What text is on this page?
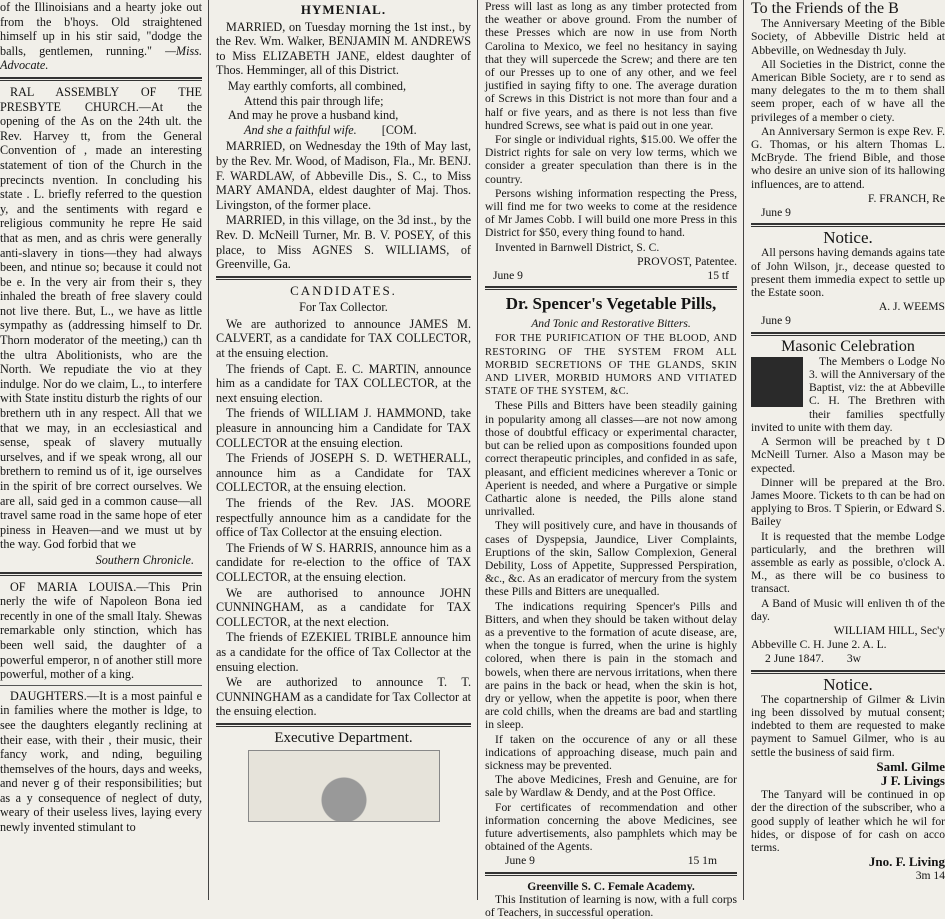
of the Illinoisians and a hearty joke out from the b'hoys. Old straightened himself up in his stir said, "dodge the balls, gentlemen, running." —Miss. Advocate.

RAL ASSEMBLY OF THE PRESBYTE CHURCH.—At the opening of the As on the 24th ult. the Rev. Harvey tt, from the General Convention of , made an interesting statement of tion of the Church in the precincts nvention. In concluding his state . L. briefly referred to the question y, and the sentiments with regard e religious community he repre He said that as men, and as chris were generally anti-slavery in tions—they had always been, and ntinue so; because it could not be e. In the very air from their s, they inhaled the breath of free slavery could not live there. But, L., we have as little sympathy as (addressing himself to Dr. Thorn moderator of the meeting,) can th the ultra Abolitionists, who are the North. We repudiate the vio at they indulge. Nor do we claim, L., to interfere with State institu disturb the rights of our brethern uth in any respect. All that we that we may, in an ecclesiastical and sense, speak of slavery mutually urselves, and if we speak wrong, all our brethern to remind us of it, ige ourselves in the spirit of bre correct ourselves. We are all, said ged in a common cause—all travel same road in the same hope of eter piness in Heaven—and we must ut by the way. God forbid that we

Southern Chronicle.

OF MARIA LOUISA.—This Prin nerly the wife of Napoleon Bona ied recently in one of the small Italy. Shewas remarkable only stinction, which has been well said, the daughter of a powerful emperor, n of another still more powerful, mother of a king.

DAUGHTERS.—It is a most painful e in families where the mother is ldge, to see the daughters elegantly reclining at their ease, with their , their music, their fancy work, and nding, beguiling themselves of the hours, days and weeks, and never g of their responsibilities; but as a y consequence of neglect of duty, weary of their useless lives, laying every newly invented stimulant to

HYMENIAL.

MARRIED, on Tuesday morning the 1st inst., by the Rev. Wm. Walker, BENJAMIN M. ANDREWS to Miss ELIZABETH JANE, eldest daughter of Thos. Hemminger, all of this District.

May earthly comforts, all combined,

Attend this pair through life;

And may he prove a husband kind,

And she a faithful wife. [COM.

MARRIED, on Wednesday the 19th of May last, by the Rev. Mr. Wood, of Madison, Fla., Mr. BENJ. F. WARDLAW, of Abbeville Dis., S. C., to Miss MARY AMANDA, eldest daughter of Maj. Thos. Livingston, of the former place.

MARRIED, in this village, on the 3d inst., by the Rev. D. McNeill Turner, Mr. B. V. POSEY, of this place, to Miss AGNES S. WILLIAMS, of Greenville, Ga.

CANDIDATES.
For Tax Collector.

We are authorized to announce JAMES M. CALVERT, as a candidate for TAX COLLECTOR, at the ensuing election.

The friends of Capt. E. C. MARTIN, announce him as a candidate for TAX COLLECTOR, at the next ensuing election.

The friends of WILLIAM J. HAMMOND, take pleasure in announcing him a Candidate for TAX COLLECTOR at the ensuing election.

The Friends of JOSEPH S. D. WETHERALL, announce him as a Candidate for TAX COLLECTOR, at the ensuing election.

The friends of the Rev. JAS. MOORE respectfully announce him as a candidate for the office of Tax Collector at the ensuing election.

The Friends of W S. HARRIS, announce him as a candidate for re-election to the office of TAX COLLECTOR, at the ensuing election.

We are authorised to announce JOHN CUNNINGHAM, as a candidate for TAX COLLECTOR, at the next election.

The friends of EZEKIEL TRIBLE announce him as a candidate for the office of Tax Collector at the ensuing election.

We are authorized to announce T. T. CUNNINGHAM as a candidate for Tax Collector at the ensuing election.

Executive Department.

Press will last as long as any timber protected from the weather or above ground. From the number of these Presses which are now in use from North Carolina to Mexico, we feel no hesitancy in saying that they will supercede the Screw; and there are ten of our Presses up to one of any other, and we feel justified in saying fifty to one. The average duration of Screws in this District is not more than four and a half or five years, and as there is not less than five hundred Screws, see what is paid out in one year.

For single or individual rights, $15.00. We offer the District rights for sale on very low terms, which we consider a greater speculation than there is in the country.

Persons wishing information respecting the Press, will find me for two weeks to come at the residence of Mr James Cobb. I will build one more Press in this District for $50, every thing found to hand.

Invented in Barnwell District, S. C.

PROVOST, Patentee.

June 9	15 tf

Dr. Spencer's Vegetable Pills,
And Tonic and Restorative Bitters.

FOR THE PURIFICATION OF THE BLOOD, AND RESTORING OF THE SYSTEM FROM ALL MORBID SECRETIONS OF THE GLANDS, SKIN AND LIVER, MORBID HUMORS AND VITIATED STATE OF THE SYSTEM, &C.

These Pills and Bitters have been steadily gaining in popularity among all classes—are not now among those of doubtful efficacy or experimental character, but can be relied upon as compositions founded upon correct therapeutic principles, and confided in as safe, pleasant, and efficient medicines wherever a Tonic or Aperient is needed, and where a Purgative or simple Cathartic alone is needed, the Pills alone stand unrivalled.

They will positively cure, and have in thousands of cases of Dyspepsia, Jaundice, Liver Complaints, Eruptions of the skin, Sallow Complexion, General Debility, Loss of Appetite, Suppressed Perspiration, &c., &c. As an eradicator of mercury from the system these Pills and Bitters are unequalled.

The indications requiring Spencer's Pills and Bitters, and when they should be taken without delay as a preventive to the formation of acute disease, are, when the tongue is furred, when the urine is highly colored, when there is pain in the stomach and bowels, when there are nervous irritations, when there are pains in the back or head, when the skin is hot, dry or yellow, when the appetite is poor, when there are cold chills, when the dreams are bad and startling in sleep.

If taken on the occurence of any or all these indications of approaching disease, much pain and sickness may be prevented.

The above Medicines, Fresh and Genuine, are for sale by Wardlaw & Dendy, and at the Post Office.

For certificates of recommendation and other information concerning the above Medicines, see future advertisements, also pamphlets which may be obtained of the Agents.

June 9	15 1m

Greenville S. C. Female Academy.

This Institution of learning is now, with a full corps of Teachers, in successful operation.

To the Friends of the B

The Anniversary Meeting of the Bible Society, of Abbeville Distric held at Abbeville, on Wednesday th July.

All Societies in the District, conne the American Bible Society, are r to send as many delegates to the m to them shall seem proper, each of w have all the privileges of a member o ciety.

An Anniversary Sermon is expe Rev. F. G. Thomas, or his altern Thomas L. McBryde. The friend Bible, and those who desire an unive sion of its hallowing influences, are to attend.

F. FRANCH, Re

June 9

Notice.

All persons having demands agains tate of John Wilson, jr., decease quested to present them immedia expect to settle up the Estate soon.

A. J. WEEMS

June 9

Masonic Celebration

The Members o Lodge No 3. will the Anniversary of the Baptist, viz: the at Abbeville C. H. The Brethren with their families spectfully invited to unite with them day.

A Sermon will be preached by t D McNeill Turner. Also a Mason may be expected.

Dinner will be prepared at the Bro. James Moore. Tickets to th can be had on applying to Bros. T Spierin, or Edward S. Bailey

It is requested that the membe Lodge particularly, and the brethren will assemble as early as possible, o'clock A. M., as there will be co business to transact.

A Band of Music will enliven th of the day.

WILLIAM HILL, Sec'y

Abbeville C. H. June 2. A. L.

2 June 1847. 3w

Notice.

The copartnership of Gilmer & Livin ing been dissolved by mutual consent; indebted to them are requested to make payment to Samuel Gilmer, who is au settle the business of said firm.

Saml. Gilme

J F. Livings

The Tanyard will be continued in op der the direction of the subscriber, who a good supply of leather which he wil for hides, or dispose of for cash on acco terms.

Jno. F. Living

3m 14
